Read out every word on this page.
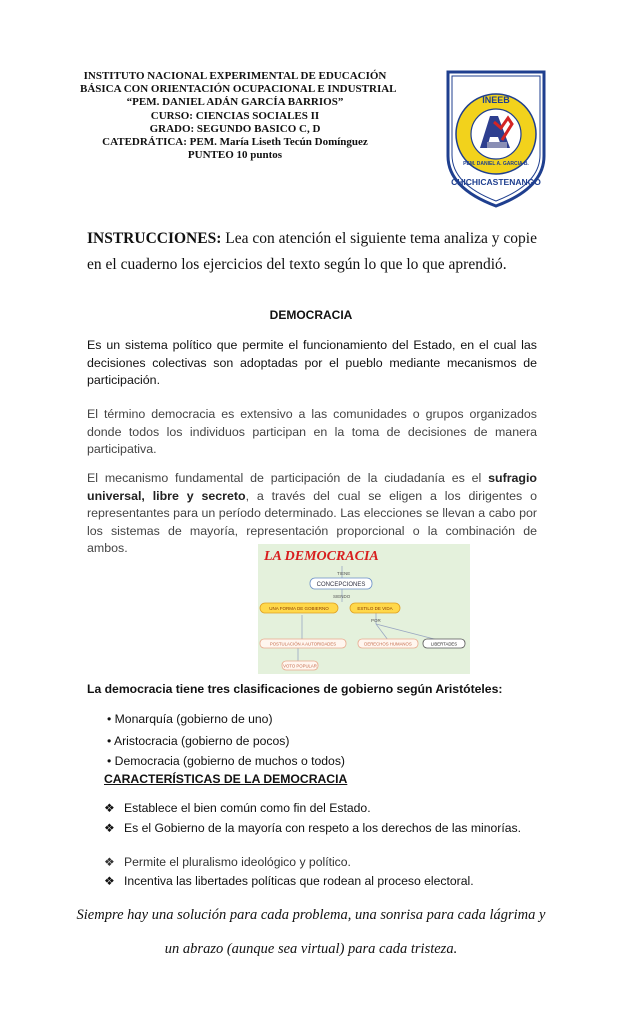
INSTITUTO NACIONAL EXPERIMENTAL DE EDUCACIÓN
BÁSICA CON ORIENTACIÓN OCUPACIONAL E INDUSTRIAL
“PEM. DANIEL ADÁN GARCÍA BARRIOS”
CURSO: CIENCIAS SOCIALES II
GRADO: SEGUNDO BASICO C, D
CATEDRÁTICA: PEM. María Liseth Tecún Domínguez
PUNTEO 10 puntos
INEEB
PEM. DANIEL A. GARCIA B.
CHICHICASTENANGO
INSTRUCCIONES: Lea con atención el siguiente tema analiza y copie en el cuaderno los ejercicios del texto según lo que lo que aprendió.
DEMOCRACIA
Es un sistema político que permite el funcionamiento del Estado, en el cual las decisiones colectivas son adoptadas por el pueblo mediante mecanismos de participación.
El término democracia es extensivo a las comunidades o grupos organizados donde todos los individuos participan en la toma de decisiones de manera participativa.
El mecanismo fundamental de participación de la ciudadanía es el sufragio universal, libre y secreto, a través del cual se eligen a los dirigentes o representantes para un período determinado. Las elecciones se llevan a cabo por los sistemas de mayoría, representación proporcional o la combinación de ambos.
LA DEMOCRACIA
TIENE
CONCEPCIONES
SIENDO
UNA FORMA DE GOBIERNO	ESTILO DE VIDA
POR
POSTULACIÓN A AUTORIDADES	DERECHOS HUMANOS	LIBERTADES
VOTO POPULAR
La democracia tiene tres clasificaciones de gobierno según Aristóteles:
• Monarquía (gobierno de uno)
• Aristocracia (gobierno de pocos)
• Democracia (gobierno de muchos o todos)
CARACTERÍSTICAS DE LA DEMOCRACIA
❖ Establece el bien común como fin del Estado.
❖ Es el Gobierno de la mayoría con respeto a los derechos de las minorías.
❖ Permite el pluralismo ideológico y político.
❖ Incentiva las libertades políticas que rodean al proceso electoral.
Siempre hay una solución para cada problema, una sonrisa para cada lágrima y
un abrazo (aunque sea virtual) para cada tristeza.
